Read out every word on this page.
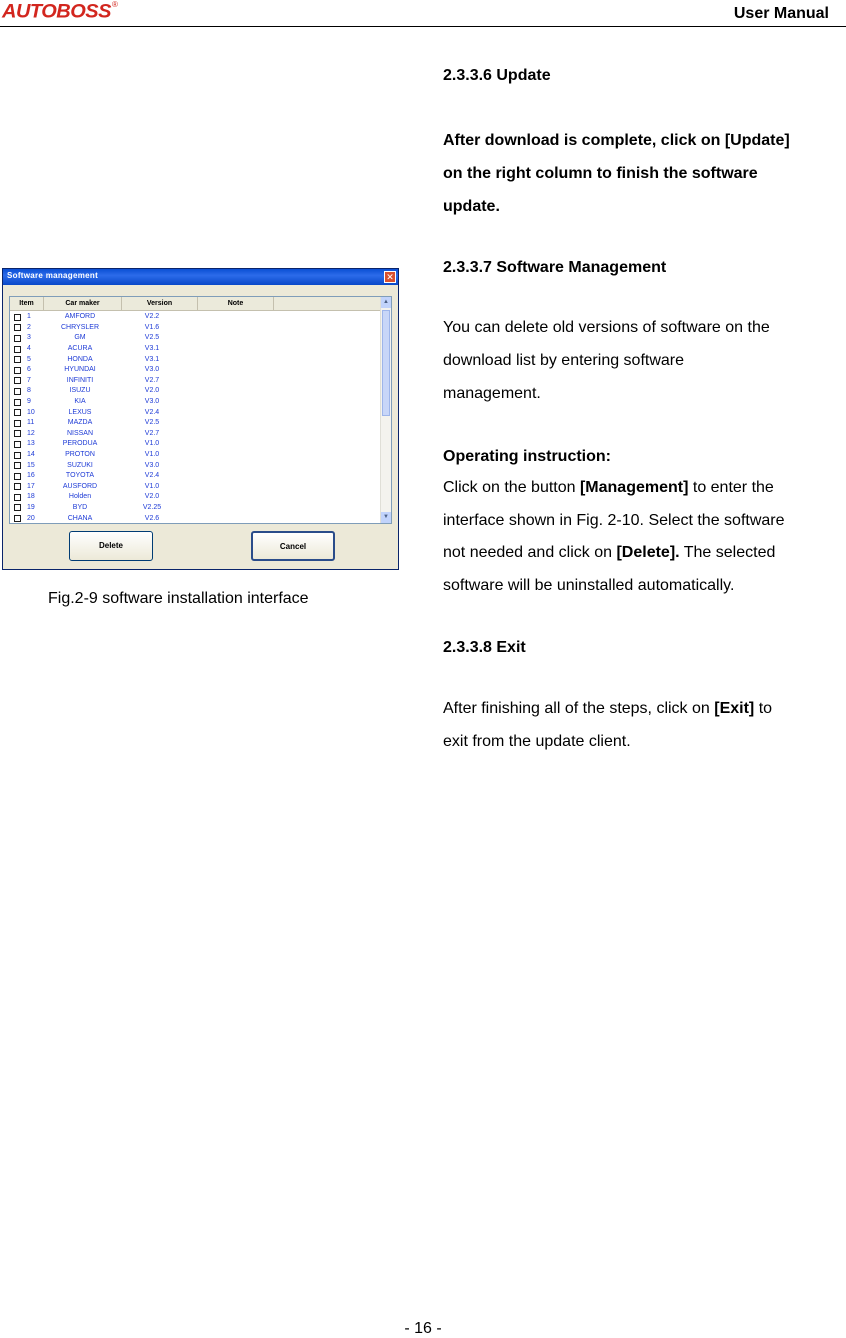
AUTOBOSS ®
User Manual
Software management	✕
Item	Car maker	Version	Note
1	AMFORD	V2.2
2	CHRYSLER	V1.6
3	GM	V2.5
4	ACURA	V3.1
5	HONDA	V3.1
6	HYUNDAI	V3.0
7	INFINITI	V2.7
8	ISUZU	V2.0
9	KIA	V3.0
10	LEXUS	V2.4
11	MAZDA	V2.5
12	NISSAN	V2.7
13	PERODUA	V1.0
14	PROTON	V1.0
15	SUZUKI	V3.0
16	TOYOTA	V2.4
17	AUSFORD	V1.0
18	Holden	V2.0
19	BYD	V2.25
20	CHANA	V2.6
▲
▼
Delete	Cancel
Fig.2-9 software installation interface
2.3.3.6 Update
After download is complete, click on [Update]
on the right column to finish the software
update.
2.3.3.7 Software Management
You can delete old versions of software on the
download list by entering software
management.
Operating instruction:
Click on the button [Management] to enter the
interface shown in Fig. 2-10. Select the software
not needed and click on [Delete]. The selected
software will be uninstalled automatically.
2.3.3.8 Exit
After finishing all of the steps, click on [Exit] to
exit from the update client.
- 16 -
